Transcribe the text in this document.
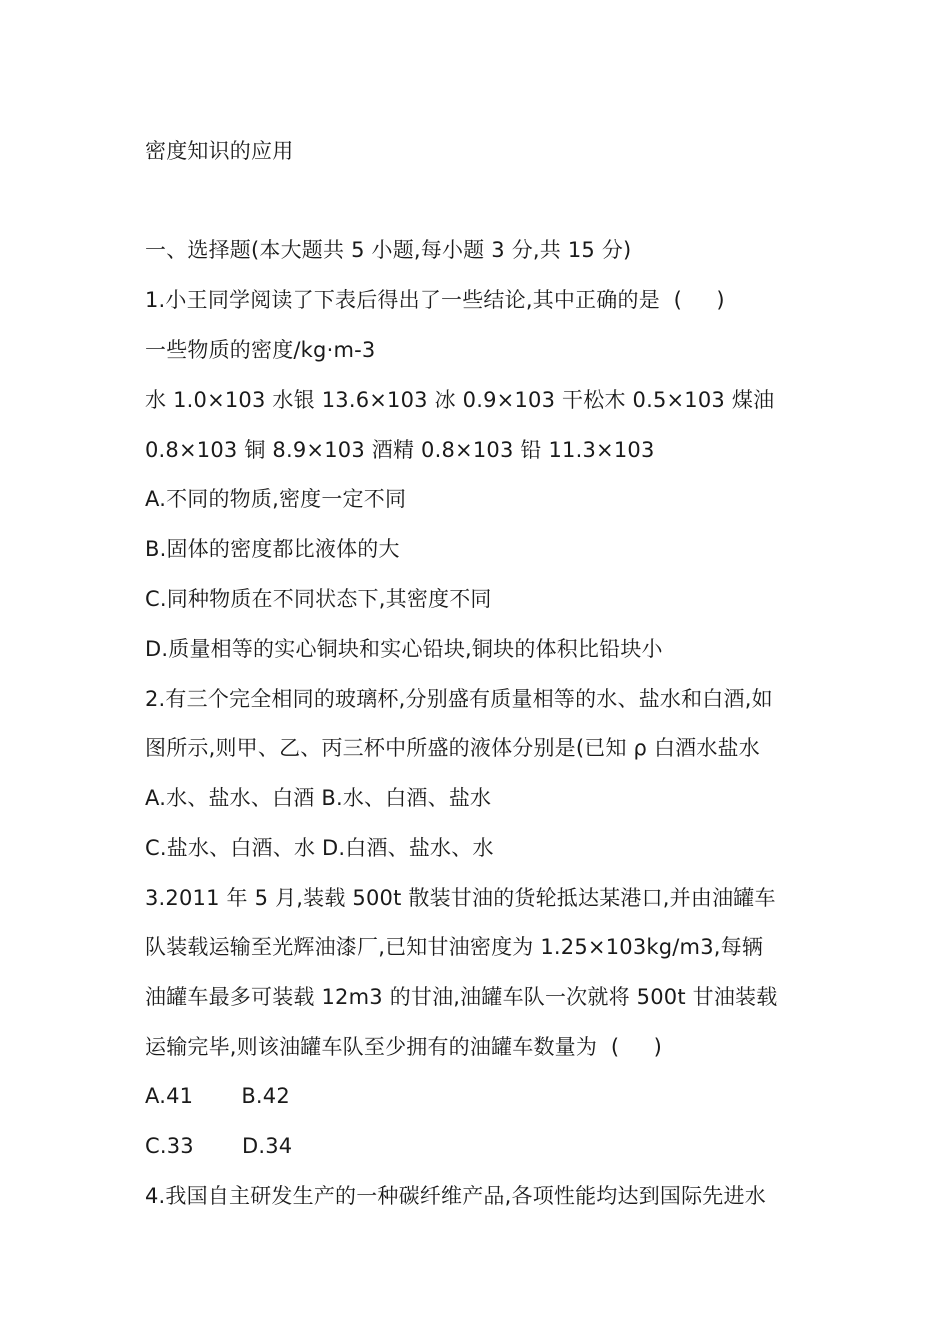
密度知识的应用
一、选择题(本大题共 5 小题,每小题 3 分,共 15 分)
1.小王同学阅读了下表后得出了一些结论,其中正确的是  (     )
一些物质的密度/kg·m-3
水 1.0×103 水银 13.6×103 冰 0.9×103 干松木 0.5×103 煤油
0.8×103 铜 8.9×103 酒精 0.8×103 铅 11.3×103
A.不同的物质,密度一定不同
B.固体的密度都比液体的大
C.同种物质在不同状态下,其密度不同
D.质量相等的实心铜块和实心铅块,铜块的体积比铅块小
2.有三个完全相同的玻璃杯,分别盛有质量相等的水、盐水和白酒,如
图所示,则甲、乙、丙三杯中所盛的液体分别是(已知 ρ 白酒水盐水
A.水、盐水、白酒 B.水、白酒、盐水
C.盐水、白酒、水 D.白酒、盐水、水
3.2011 年 5 月,装载 500t 散装甘油的货轮抵达某港口,并由油罐车
队装载运输至光辉油漆厂,已知甘油密度为 1.25×103kg/m3,每辆
油罐车最多可装载 12m3 的甘油,油罐车队一次就将 500t 甘油装载
运输完毕,则该油罐车队至少拥有的油罐车数量为  (     )
A.41       B.42
C.33       D.34
4.我国自主研发生产的一种碳纤维产品,各项性能均达到国际先进水
